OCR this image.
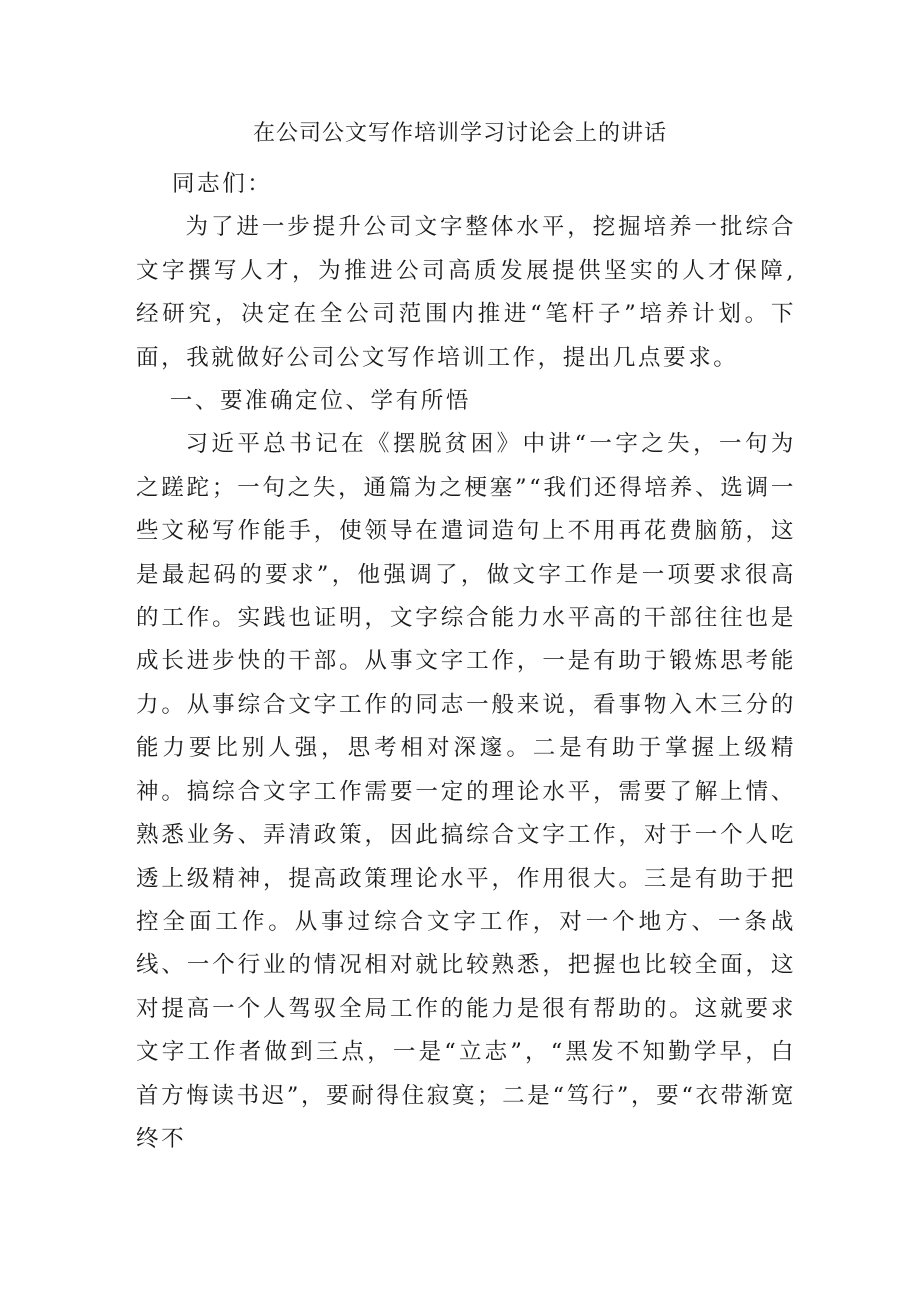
在公司公文写作培训学习讨论会上的讲话

同志们：

为了进一步提升公司文字整体水平，挖掘培养一批综合文字撰写人才，为推进公司高质发展提供坚实的人才保障,经研究，决定在全公司范围内推进“笔杆子”培养计划。下面，我就做好公司公文写作培训工作，提出几点要求。

一、要准确定位、学有所悟

习近平总书记在《摆脱贫困》中讲“一字之失，一句为之蹉跎；一句之失，通篇为之梗塞”“我们还得培养、选调一些文秘写作能手，使领导在遣词造句上不用再花费脑筋，这是最起码的要求”，他强调了，做文字工作是一项要求很高的工作。实践也证明，文字综合能力水平高的干部往往也是成长进步快的干部。从事文字工作，一是有助于锻炼思考能力。从事综合文字工作的同志一般来说，看事物入木三分的能力要比别人强，思考相对深邃。二是有助于掌握上级精神。搞综合文字工作需要一定的理论水平，需要了解上情、熟悉业务、弄清政策，因此搞综合文字工作，对于一个人吃透上级精神，提高政策理论水平，作用很大。三是有助于把控全面工作。从事过综合文字工作，对一个地方、一条战线、一个行业的情况相对就比较熟悉，把握也比较全面，这对提高一个人驾驭全局工作的能力是很有帮助的。这就要求文字工作者做到三点，一是“立志”，“黑发不知勤学早，白首方悔读书迟”，要耐得住寂寞；二是“笃行”，要“衣带渐宽终不
